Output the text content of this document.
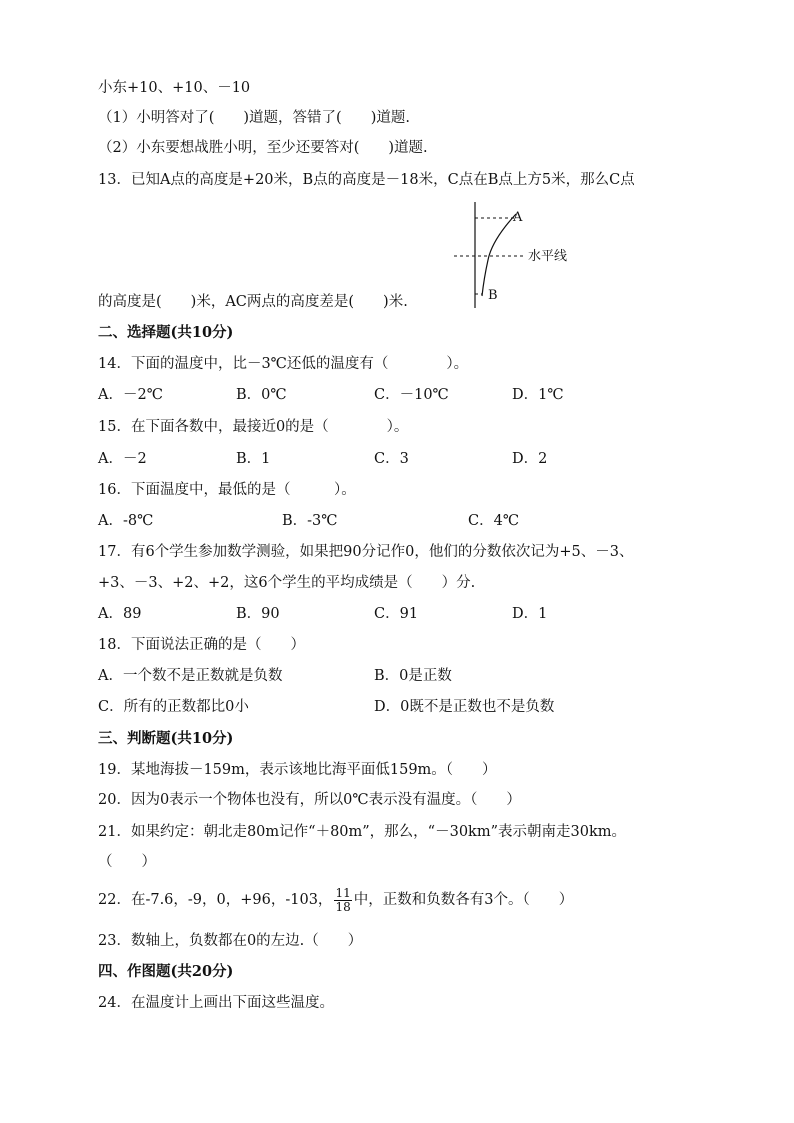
小东+10、+10、－10
（1）小明答对了(　　)道题，答错了(　　)道题.
（2）小东要想战胜小明，至少还要答对(　　)道题.
13．已知A点的高度是+20米，B点的高度是－18米，C点在B点上方5米，那么C点
A
水平线
B
的高度是(　　)米，AC两点的高度差是(　　)米.
二、选择题(共10分)
14．下面的温度中，比－3℃还低的温度有（　　　　）。
A．－2℃	B．0℃	C．－10℃	D．1℃
15．在下面各数中，最接近0的是（　　　　）。
A．－2	B．1	C．3	D．2
16．下面温度中，最低的是（　　　）。
A．-8℃	B．-3℃	C．4℃
17．有6个学生参加数学测验，如果把90分记作0，他们的分数依次记为+5、－3、
+3、－3、+2、+2，这6个学生的平均成绩是（　　）分.
A．89	B．90	C．91	D．1
18．下面说法正确的是（　　）
A．一个数不是正数就是负数	B．0是正数
C．所有的正数都比0小	D．0既不是正数也不是负数
三、判断题(共10分)
19．某地海拔－159m，表示该地比海平面低159m。（　　）
20．因为0表示一个物体也没有，所以0℃表示没有温度。（　　）
21．如果约定：朝北走80m记作“＋80m”，那么，“－30km”表示朝南走30km。
（　　）
22．在-7.6，-9，0，+96，-103， $\frac{11}{18}$ 中，正数和负数各有3个。（　　）
23．数轴上，负数都在0的左边.（　　）
四、作图题(共20分)
24．在温度计上画出下面这些温度。
